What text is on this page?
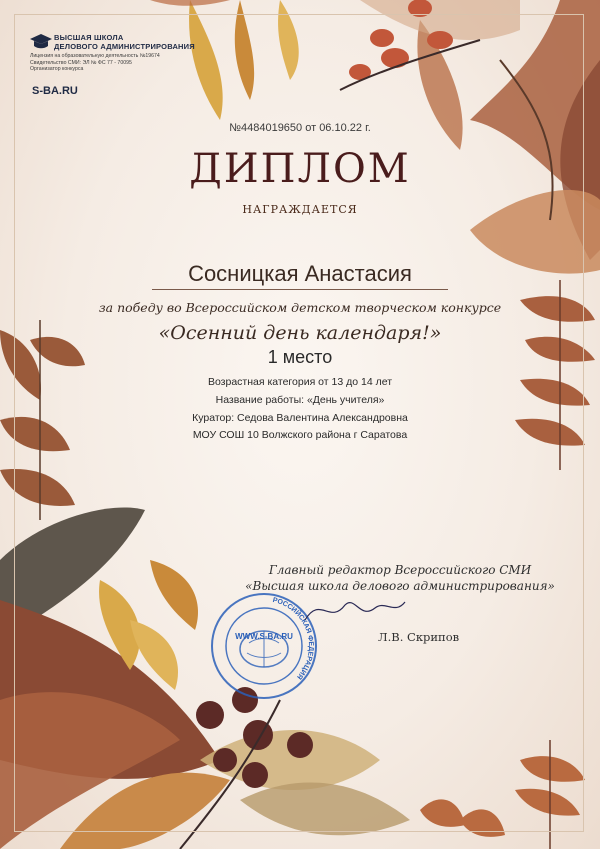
ВЫСШАЯ ШКОЛА
ДЕЛОВОГО АДМИНИСТРИРОВАНИЯ
Лицензия на образовательную деятельность №19674
Свидетельство СМИ: ЭЛ № ФС 77 - 70095
Организатор конкурса
S-BA.RU
№4484019650 от 06.10.22 г.
ДИПЛОМ
НАГРАЖДАЕТСЯ
Сосницкая Анастасия
за победу во Всероссийском детском творческом конкурсе
«Осенний день календаря!»
1 место
Возрастная категория от 13 до 14 лет
Название работы: «День учителя»
Куратор: Седова Валентина Александровна
МОУ СОШ 10 Волжского района г Саратова
Главный редактор Всероссийского СМИ
«Высшая школа делового администрирования»
Л.В. Скрипов
РОССИЙСКАЯ ФЕДЕРАЦИЯ
WWW.S-BA.RU
